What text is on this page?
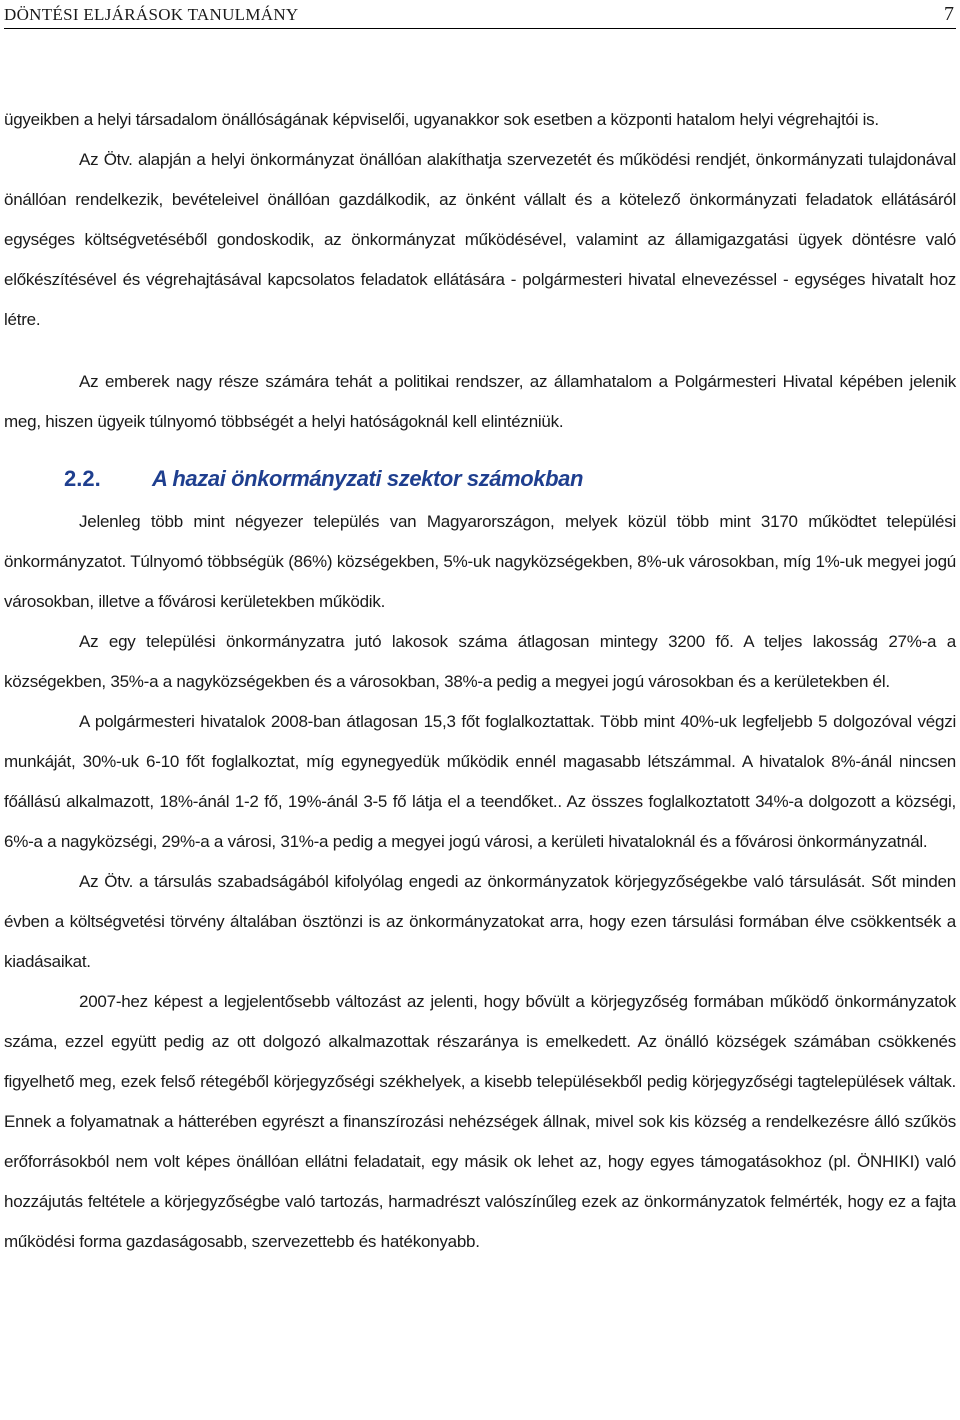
DÖNTÉSI ELJÁRÁSOK TANULMÁNY	7

ügyeikben a helyi társadalom önállóságának képviselői, ugyanakkor sok esetben a központi hatalom helyi végrehajtói is.

Az Ötv. alapján a helyi önkormányzat önállóan alakíthatja szervezetét és működési rendjét, önkormányzati tulajdonával önállóan rendelkezik, bevételeivel önállóan gazdálkodik, az önként vállalt és a kötelező önkormányzati feladatok ellátásáról egységes költségvetéséből gondoskodik, az önkormányzat működésével, valamint az államigazgatási ügyek döntésre való előkészítésével és végrehajtásával kapcsolatos feladatok ellátására - polgármesteri hivatal elnevezéssel - egységes hivatalt hoz létre.

Az emberek nagy része számára tehát a politikai rendszer, az államhatalom a Polgármesteri Hivatal képében jelenik meg, hiszen ügyeik túlnyomó többségét a helyi hatóságoknál kell elintézniük.

2.2. A hazai önkormányzati szektor számokban

Jelenleg több mint négyezer település van Magyarországon, melyek közül több mint 3170 működtet települési önkormányzatot. Túlnyomó többségük (86%) községekben, 5%-uk nagyközségekben, 8%-uk városokban, míg 1%-uk megyei jogú városokban, illetve a fővárosi kerületekben működik.

Az egy települési önkormányzatra jutó lakosok száma átlagosan mintegy 3200 fő. A teljes lakosság 27%-a a községekben, 35%-a a nagyközségekben és a városokban, 38%-a pedig a megyei jogú városokban és a kerületekben él.

A polgármesteri hivatalok 2008-ban átlagosan 15,3 főt foglalkoztattak. Több mint 40%-uk legfeljebb 5 dolgozóval végzi munkáját, 30%-uk 6-10 főt foglalkoztat, míg egynegyedük működik ennél magasabb létszámmal. A hivatalok 8%-ánál nincsen főállású alkalmazott, 18%-ánál 1-2 fő, 19%-ánál 3-5 fő látja el a teendőket.. Az összes foglalkoztatott 34%-a dolgozott a községi, 6%-a a nagyközségi, 29%-a a városi, 31%-a pedig a megyei jogú városi, a kerületi hivataloknál és a fővárosi önkormányzatnál.

Az Ötv. a társulás szabadságából kifolyólag engedi az önkormányzatok körjegyzőségekbe való társulását. Sőt minden évben a költségvetési törvény általában ösztönzi is az önkormányzatokat arra, hogy ezen társulási formában élve csökkentsék a kiadásaikat.

2007-hez képest a legjelentősebb változást az jelenti, hogy bővült a körjegyzőség formában működő önkormányzatok száma, ezzel együtt pedig az ott dolgozó alkalmazottak részaránya is emelkedett. Az önálló községek számában csökkenés figyelhető meg, ezek felső rétegéből körjegyzőségi székhelyek, a kisebb településekből pedig körjegyzőségi tagtelepülések váltak. Ennek a folyamatnak a hátterében egyrészt a finanszírozási nehézségek állnak, mivel sok kis község a rendelkezésre álló szűkös erőforrásokból nem volt képes önállóan ellátni feladatait, egy másik ok lehet az, hogy egyes támogatásokhoz (pl. ÖNHIKI) való hozzájutás feltétele a körjegyzőségbe való tartozás, harmadrészt valószínűleg ezek az önkormányzatok felmérték, hogy ez a fajta működési forma gazdaságosabb, szervezettebb és hatékonyabb.
